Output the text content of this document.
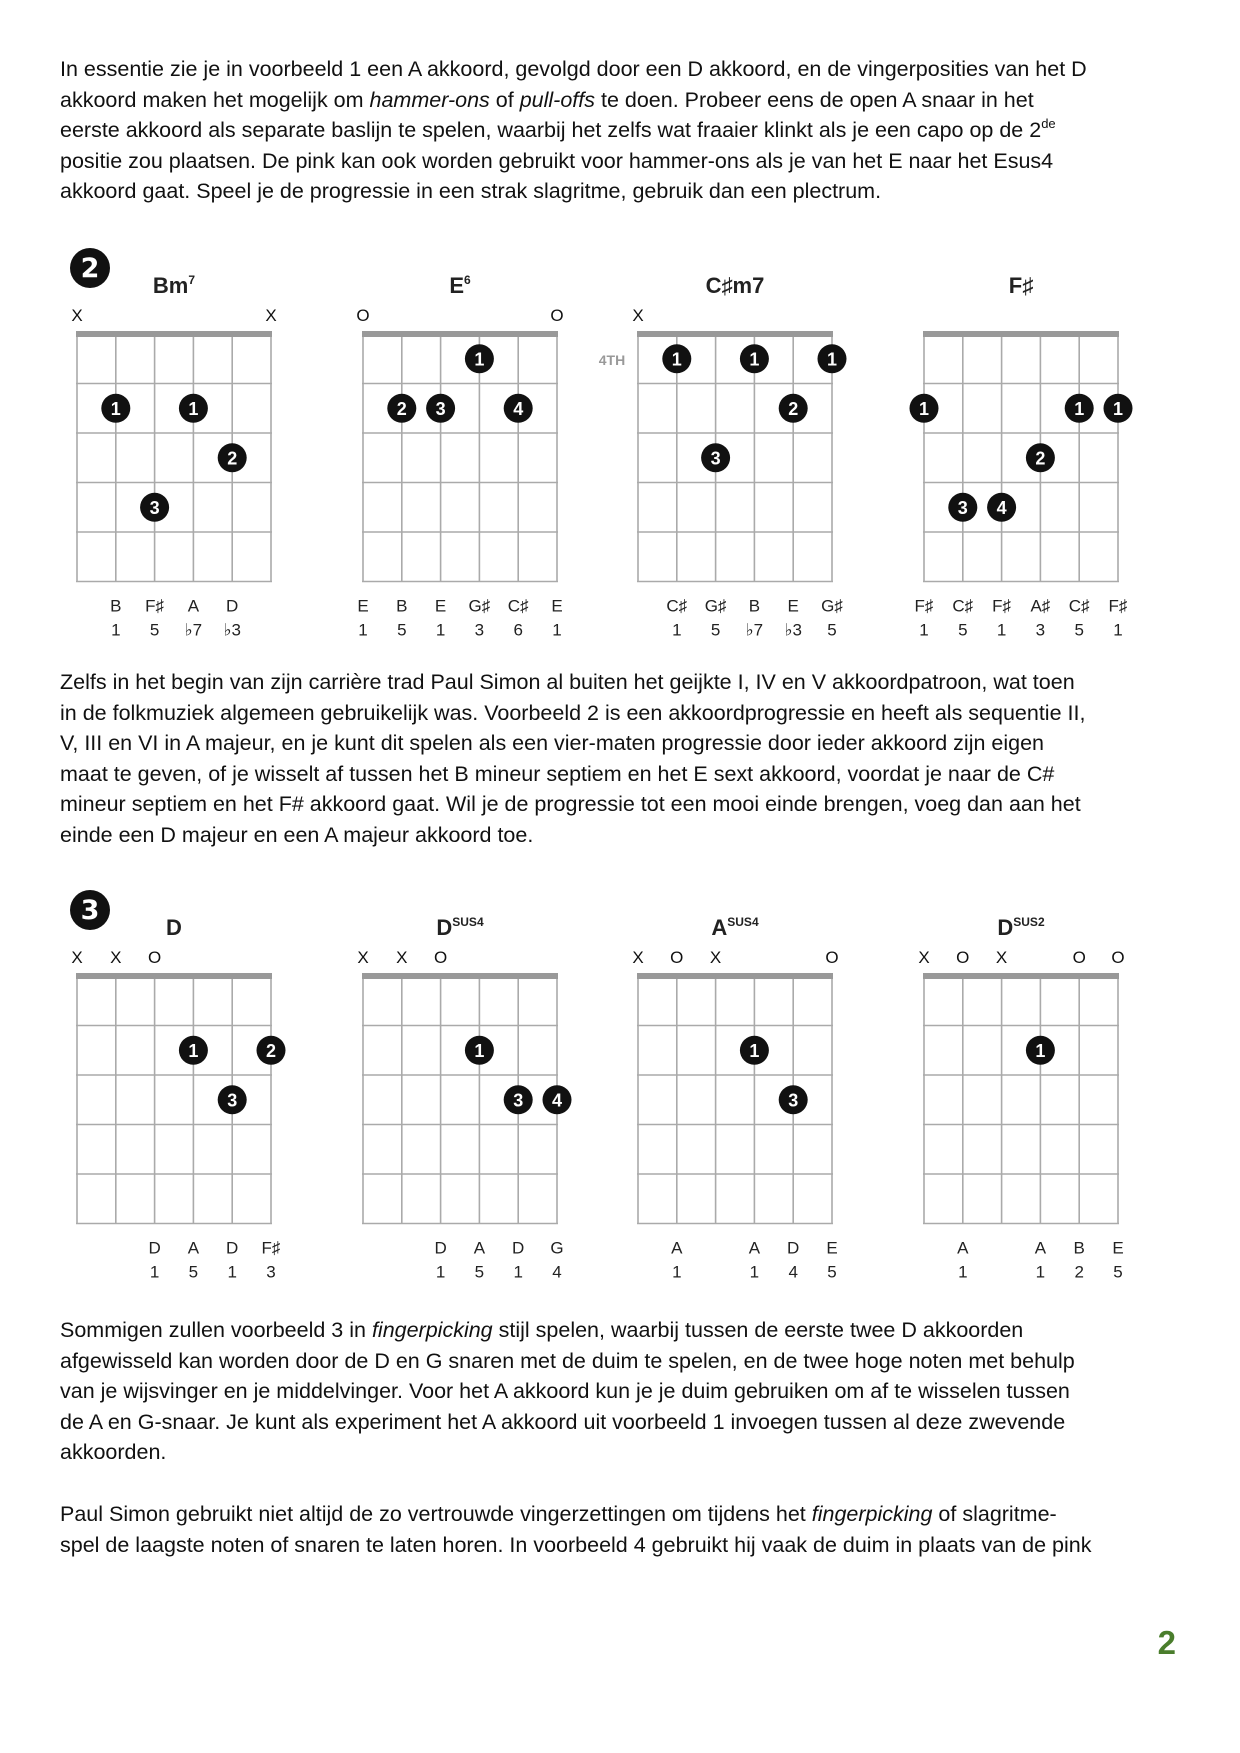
In essentie zie je in voorbeeld 1 een A akkoord, gevolgd door een D akkoord, en de vingerposities van het D
akkoord maken het mogelijk om hammer-ons of pull-offs te doen. Probeer eens de open A snaar in het
eerste akkoord als separate baslijn te spelen, waarbij het zelfs wat fraaier klinkt als je een capo op de 2de
positie zou plaatsen. De pink kan ook worden gebruikt voor hammer-ons als je van het E naar het Esus4
akkoord gaat. Speel je de progressie in een strak slagritme, gebruik dan een plectrum.

2
Bm$^7$
X	X
1	1
2
3
B F♯ A D
1 5 ♭7 ♭3
$E^6$
O	O
1
2 3	4
E B E G♯ C♯ E
1 5 1 3 6 1
C♯m7
X
4TH	1	1	1
2
3
C♯ G♯ B E G♯
1 5 ♭7 ♭3 5
F♯
1	1 1
2
3 4
F♯ C♯ F♯ A♯ C♯ F♯
1 5 1 3 5 1

Zelfs in het begin van zijn carrière trad Paul Simon al buiten het geijkte I, IV en V akkoordpatroon, wat toen
in de folkmuziek algemeen gebruikelijk was. Voorbeeld 2 is een akkoordprogressie en heeft als sequentie II,
V, III en VI in A majeur, en je kunt dit spelen als een vier-maten progressie door ieder akkoord zijn eigen
maat te geven, of je wisselt af tussen het B mineur septiem en het E sext akkoord, voordat je naar de C#
mineur septiem en het F# akkoord gaat. Wil je de progressie tot een mooi einde brengen, voeg dan aan het
einde een D majeur en een A majeur akkoord toe.

3
D
X X O
1	2
3
D A D F♯
1 5 1 3
$D^{SUS4}$
X X O
1
3 4
D A D G
1 5 1 4
$A^{SUS4}$
X O X	O
1
3
A	A D E
1	1 4 5
$D^{SUS2}$
X O X	O O
1
A	A B E
1	1 2 5

Sommigen zullen voorbeeld 3 in fingerpicking stijl spelen, waarbij tussen de eerste twee D akkoorden
afgewisseld kan worden door de D en G snaren met de duim te spelen, en de twee hoge noten met behulp
van je wijsvinger en je middelvinger. Voor het A akkoord kun je je duim gebruiken om af te wisselen tussen
de A en G-snaar. Je kunt als experiment het A akkoord uit voorbeeld 1 invoegen tussen al deze zwevende
akkoorden.

Paul Simon gebruikt niet altijd de zo vertrouwde vingerzettingen om tijdens het fingerpicking of slagritme-
spel de laagste noten of snaren te laten horen. In voorbeeld 4 gebruikt hij vaak de duim in plaats van de pink

2
